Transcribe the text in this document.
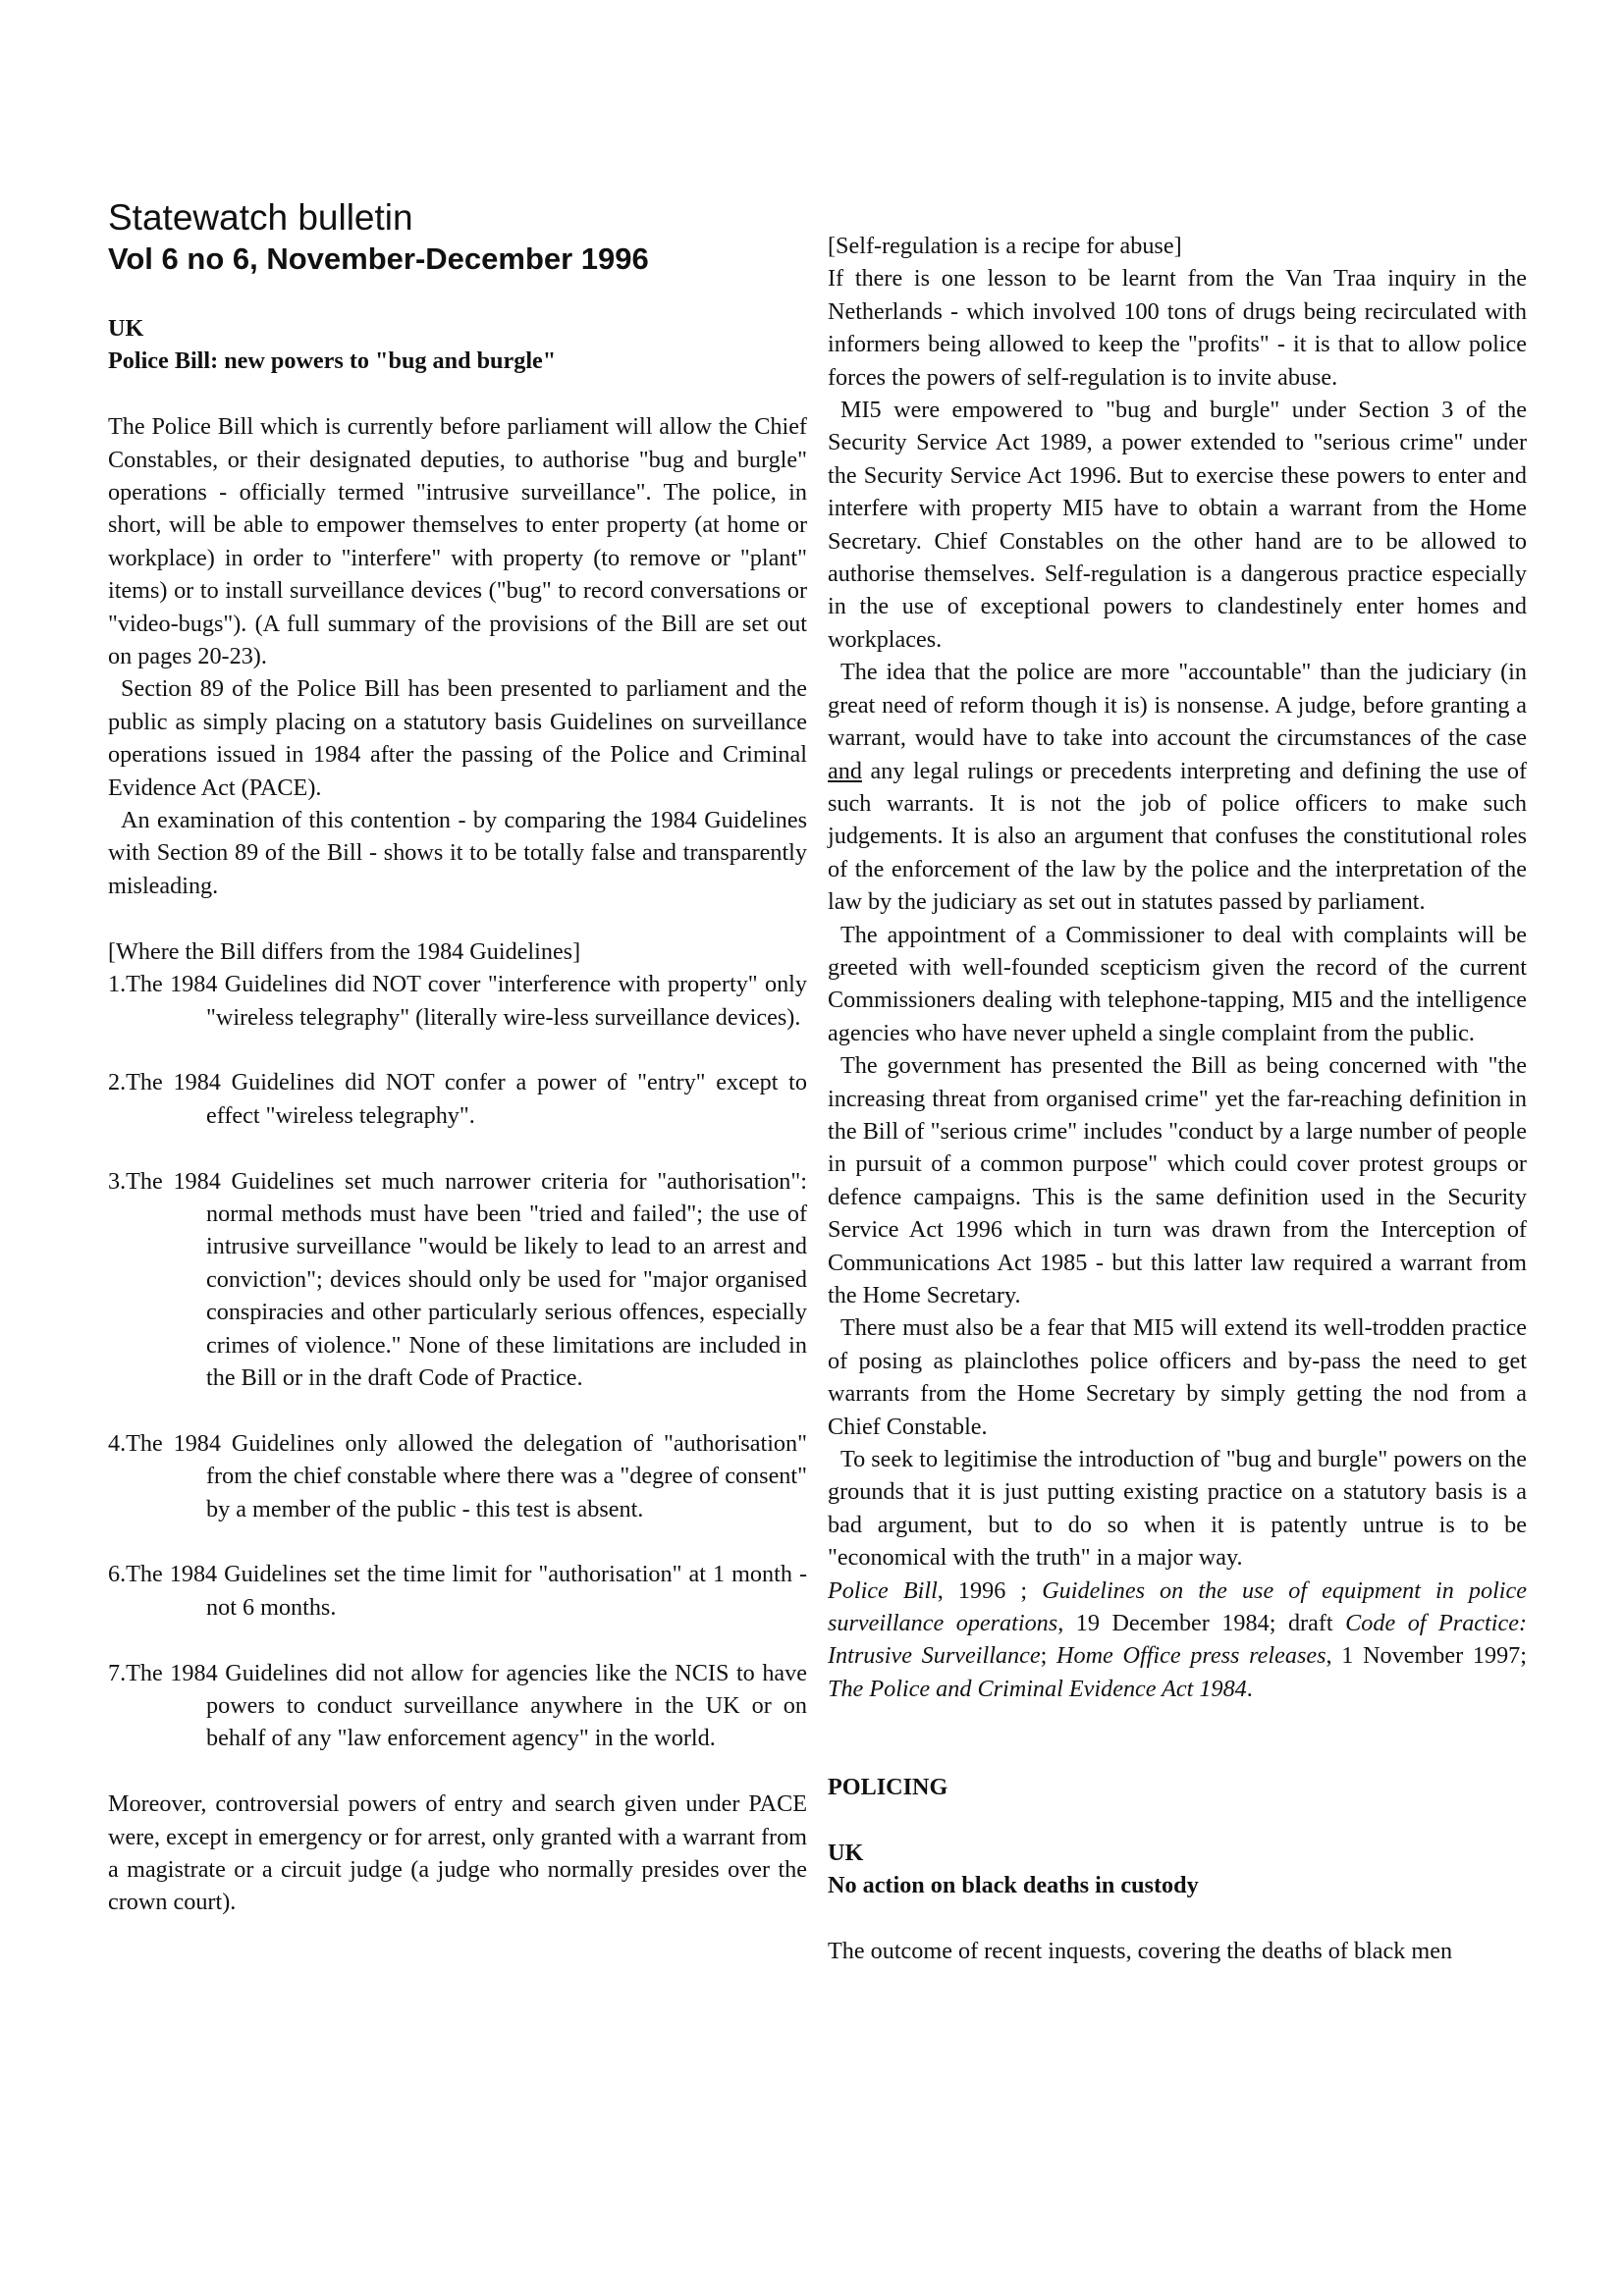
Statewatch bulletin
Vol 6 no 6, November-December 1996

UK

Police Bill: new powers to "bug and burgle"

The Police Bill which is currently before parliament will allow the Chief Constables, or their designated deputies, to authorise "bug and burgle" operations - officially termed "intrusive surveillance". The police, in short, will be able to empower themselves to enter property (at home or workplace) in order to "interfere" with property (to remove or "plant" items) or to install surveillance devices ("bug" to record conversations or "video-bugs"). (A full summary of the provisions of the Bill are set out on pages 20-23).

Section 89 of the Police Bill has been presented to parliament and the public as simply placing on a statutory basis Guidelines on surveillance operations issued in 1984 after the passing of the Police and Criminal Evidence Act (PACE).

An examination of this contention - by comparing the 1984 Guidelines with Section 89 of the Bill - shows it to be totally false and transparently misleading.

[Where the Bill differs from the 1984 Guidelines]

1.The 1984 Guidelines did NOT cover "interference with property" only "wireless telegraphy" (literally wire-less surveillance devices).

2.The 1984 Guidelines did NOT confer a power of "entry" except to effect "wireless telegraphy".

3.The 1984 Guidelines set much narrower criteria for "authorisation": normal methods must have been "tried and failed"; the use of intrusive surveillance "would be likely to lead to an arrest and conviction"; devices should only be used for "major organised conspiracies and other particularly serious offences, especially crimes of violence." None of these limitations are included in the Bill or in the draft Code of Practice.

4.The 1984 Guidelines only allowed the delegation of "authorisation" from the chief constable where there was a "degree of consent" by a member of the public - this test is absent.

6.The 1984 Guidelines set the time limit for "authorisation" at 1 month - not 6 months.

7.The 1984 Guidelines did not allow for agencies like the NCIS to have powers to conduct surveillance anywhere in the UK or on behalf of any "law enforcement agency" in the world.

Moreover, controversial powers of entry and search given under PACE were, except in emergency or for arrest, only granted with a warrant from a magistrate or a circuit judge (a judge who normally presides over the crown court).

[Self-regulation is a recipe for abuse]

If there is one lesson to be learnt from the Van Traa inquiry in the Netherlands - which involved 100 tons of drugs being recirculated with informers being allowed to keep the "profits" - it is that to allow police forces the powers of self-regulation is to invite abuse.

MI5 were empowered to "bug and burgle" under Section 3 of the Security Service Act 1989, a power extended to "serious crime" under the Security Service Act 1996. But to exercise these powers to enter and interfere with property MI5 have to obtain a warrant from the Home Secretary. Chief Constables on the other hand are to be allowed to authorise themselves. Self-regulation is a dangerous practice especially in the use of exceptional powers to clandestinely enter homes and workplaces.

The idea that the police are more "accountable" than the judiciary (in great need of reform though it is) is nonsense. A judge, before granting a warrant, would have to take into account the circumstances of the case and any legal rulings or precedents interpreting and defining the use of such warrants. It is not the job of police officers to make such judgements. It is also an argument that confuses the constitutional roles of the enforcement of the law by the police and the interpretation of the law by the judiciary as set out in statutes passed by parliament.

The appointment of a Commissioner to deal with complaints will be greeted with well-founded scepticism given the record of the current Commissioners dealing with telephone-tapping, MI5 and the intelligence agencies who have never upheld a single complaint from the public.

The government has presented the Bill as being concerned with "the increasing threat from organised crime" yet the far-reaching definition in the Bill of "serious crime" includes "conduct by a large number of people in pursuit of a common purpose" which could cover protest groups or defence campaigns. This is the same definition used in the Security Service Act 1996 which in turn was drawn from the Interception of Communications Act 1985 - but this latter law required a warrant from the Home Secretary.

There must also be a fear that MI5 will extend its well-trodden practice of posing as plainclothes police officers and by-pass the need to get warrants from the Home Secretary by simply getting the nod from a Chief Constable.

To seek to legitimise the introduction of "bug and burgle" powers on the grounds that it is just putting existing practice on a statutory basis is a bad argument, but to do so when it is patently untrue is to be "economical with the truth" in a major way.

Police Bill, 1996 ; Guidelines on the use of equipment in police surveillance operations, 19 December 1984; draft Code of Practice: Intrusive Surveillance; Home Office press releases, 1 November 1997; The Police and Criminal Evidence Act 1984.

POLICING

UK

No action on black deaths in custody

The outcome of recent inquests, covering the deaths of black men
